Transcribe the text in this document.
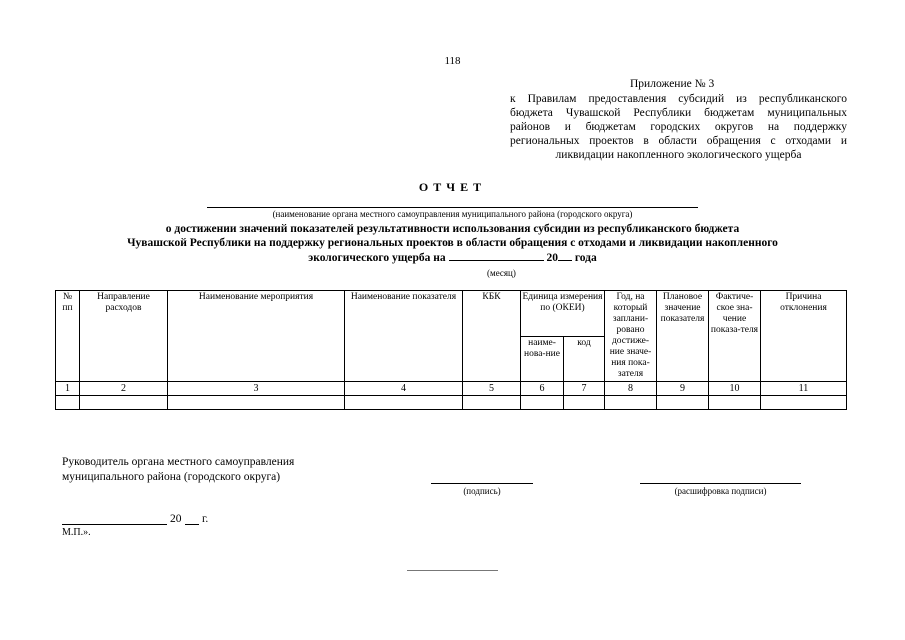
118
Приложение № 3
к Правилам предоставления субсидий из республиканского бюджета Чувашской Республики бюджетам муниципальных районов и бюджетам городских округов на поддержку региональных проектов в области обращения с отходами и ликвидации накопленного экологического ущерба
ОТЧЕТ
(наименование органа местного самоуправления муниципального района (городского округа)
о достижении значений показателей результативности использования субсидии из республиканского бюджета
Чувашской Республики на поддержку региональных проектов в области обращения с отходами и ликвидации накопленного
экологического ущерба на	20 года
(месяц)
№ пп	Направление расходов	Наименование мероприятия	Наименование показателя	КБК	Единица измерения по (ОКЕИ)		Год, на который заплани-ровано достиже-ние значе-ния пока-зателя	Плановое значение показателя	Фактиче-ское зна-чение показа-теля	Причина отклонения
					наиме-нова-ние	код				
1	2	3	4	5	6	7	8	9	10	11

Руководитель органа местного самоуправления
муниципального района (городского округа)
(подпись)	(расшифровка подписи)
20 г.
М.П.».
